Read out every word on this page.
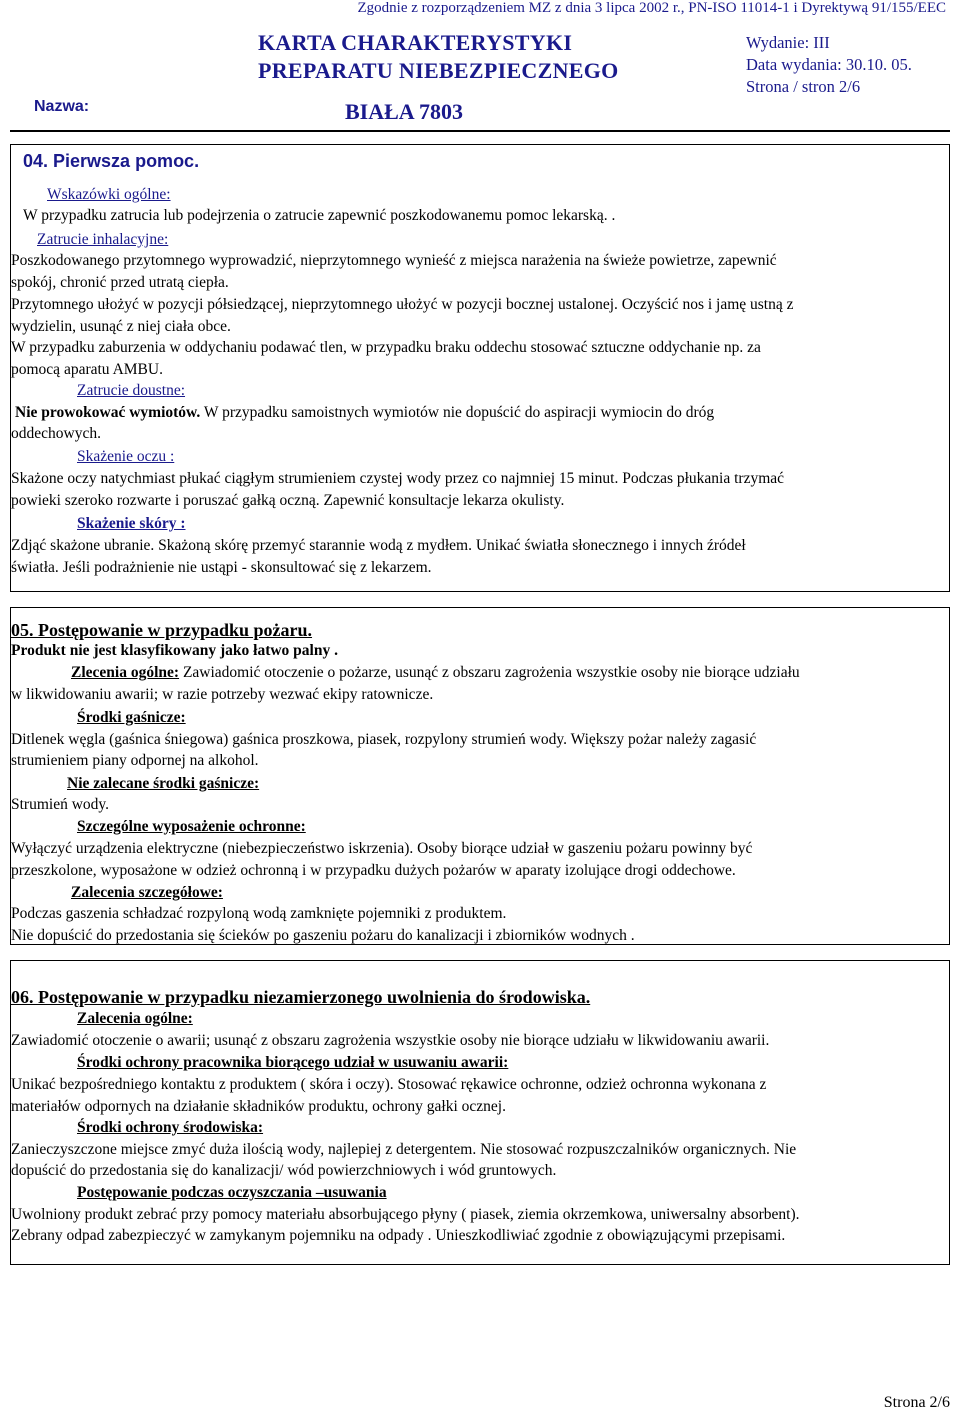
Zgodnie z rozporządzeniem MZ z dnia 3 lipca 2002 r., PN-ISO 11014-1 i Dyrektywą 91/155/EEC
KARTA CHARAKTERYSTYKI
PREPARATU NIEBEZPIECZNEGO
Wydanie: III
Data wydania: 30.10. 05.
Strona / stron 2/6
Nazwa:	BIAŁA 7803
04. Pierwsza pomoc.
Wskazówki ogólne:
W przypadku zatrucia lub podejrzenia o zatrucie zapewnić poszkodowanemu pomoc lekarską. .
Zatrucie inhalacyjne:
Poszkodowanego przytomnego wyprowadzić, nieprzytomnego wynieść z miejsca narażenia na świeże powietrze, zapewnić
spokój, chronić przed utratą ciepła.
Przytomnego ułożyć w pozycji półsiedzącej, nieprzytomnego ułożyć w pozycji bocznej ustalonej. Oczyścić nos i jamę ustną z
wydzielin, usunąć z niej ciała obce.
W przypadku zaburzenia w oddychaniu podawać tlen, w przypadku braku oddechu stosować sztuczne oddychanie np. za
pomocą aparatu AMBU.
Zatrucie doustne:
Nie prowokować wymiotów. W przypadku samoistnych wymiotów nie dopuścić do aspiracji wymiocin do dróg
oddechowych.
Skażenie oczu :
Skażone oczy natychmiast płukać ciągłym strumieniem czystej wody przez co najmniej 15 minut. Podczas płukania trzymać
powieki szeroko rozwarte i poruszać gałką oczną. Zapewnić konsultacje lekarza okulisty.
Skażenie skóry :
Zdjąć skażone ubranie. Skażoną skórę przemyć starannie wodą z mydłem. Unikać światła słonecznego i innych źródeł
światła. Jeśli podrażnienie nie ustąpi - skonsultować się z lekarzem.
05. Postępowanie w przypadku pożaru.
Produkt nie jest klasyfikowany jako łatwo palny .
Zlecenia ogólne: Zawiadomić otoczenie o pożarze, usunąć z obszaru zagrożenia wszystkie osoby nie biorące udziału
w likwidowaniu awarii; w razie potrzeby wezwać ekipy ratownicze.
Środki gaśnicze:
Ditlenek węgla (gaśnica śniegowa) gaśnica proszkowa, piasek, rozpylony strumień wody. Większy pożar należy zagasić
strumieniem piany odpornej na alkohol.
Nie zalecane środki gaśnicze:
Strumień wody.
Szczególne wyposażenie ochronne:
Wyłączyć urządzenia elektryczne (niebezpieczeństwo iskrzenia). Osoby biorące udział w gaszeniu pożaru powinny być
przeszkolone, wyposażone w odzież ochronną i w przypadku dużych pożarów w aparaty izolujące drogi oddechowe.
Zalecenia szczegółowe:
Podczas gaszenia schładzać rozpyloną wodą zamknięte pojemniki z produktem.
Nie dopuścić do przedostania się ścieków po gaszeniu pożaru do kanalizacji i zbiorników wodnych .
06. Postępowanie w przypadku niezamierzonego uwolnienia do środowiska.
Zalecenia ogólne:
Zawiadomić otoczenie o awarii; usunąć z obszaru zagrożenia wszystkie osoby nie biorące udziału w likwidowaniu awarii.
Środki ochrony pracownika biorącego udział w usuwaniu awarii:
Unikać bezpośredniego kontaktu z produktem ( skóra i oczy). Stosować rękawice ochronne, odzież ochronna wykonana z
materiałów odpornych na działanie składników produktu, ochrony gałki ocznej.
Środki ochrony środowiska:
Zanieczyszczone miejsce zmyć duża ilością wody, najlepiej z detergentem. Nie stosować rozpuszczalników organicznych. Nie
dopuścić do przedostania się do kanalizacji/ wód powierzchniowych i wód gruntowych.
Postępowanie podczas oczyszczania –usuwania
Uwolniony produkt zebrać przy pomocy materiału absorbującego płyny ( piasek, ziemia okrzemkowa, uniwersalny absorbent).
Zebrany odpad zabezpieczyć w zamykanym pojemniku na odpady . Unieszkodliwiać zgodnie z obowiązującymi przepisami.
Strona 2/6
